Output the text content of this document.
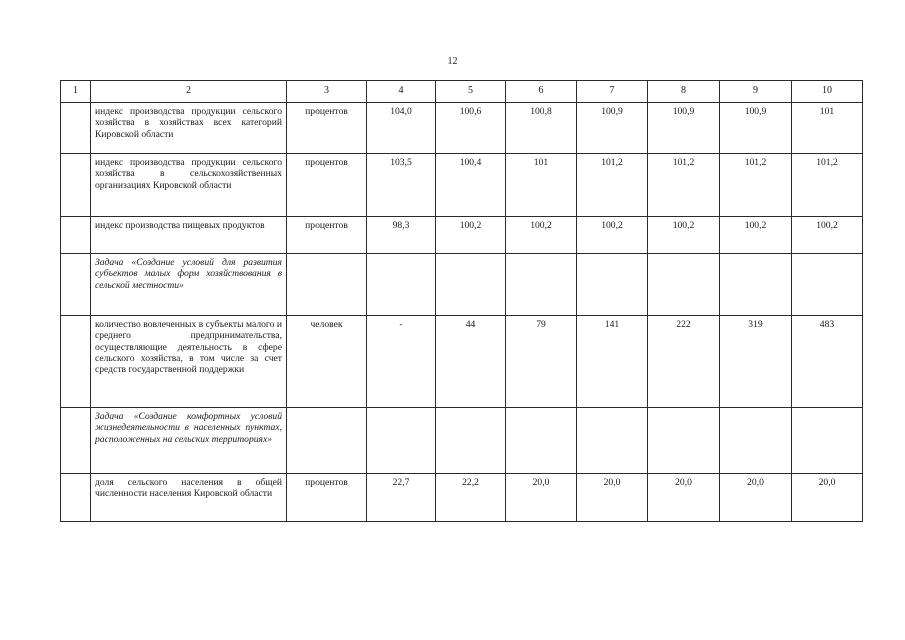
12
1	2	3	4	5	6	7	8	9	10
	индекс производства продукции сельского хозяйства в хозяйствах всех категорий Кировской области	процентов	104,0	100,6	100,8	100,9	100,9	100,9	101
	индекс производства продукции сельского хозяйства в сельскохозяйственных организациях Кировской области	процентов	103,5	100,4	101	101,2	101,2	101,2	101,2
	индекс производства пищевых продуктов	процентов	98,3	100,2	100,2	100,2	100,2	100,2	100,2
	Задача «Создание условий для развития субъектов малых форм хозяйствования в сельской местности»								
	количество вовлеченных в субъекты малого и среднего предпринимательства, осуществляющие деятельность в сфере сельского хозяйства, в том числе за счет средств государственной поддержки	человек	-	44	79	141	222	319	483
	Задача «Создание комфортных условий жизнедеятельности в населенных пунктах, расположенных на сельских территориях»								
	доля сельского населения в общей численности населения Кировской области	процентов	22,7	22,2	20,0	20,0	20,0	20,0	20,0
